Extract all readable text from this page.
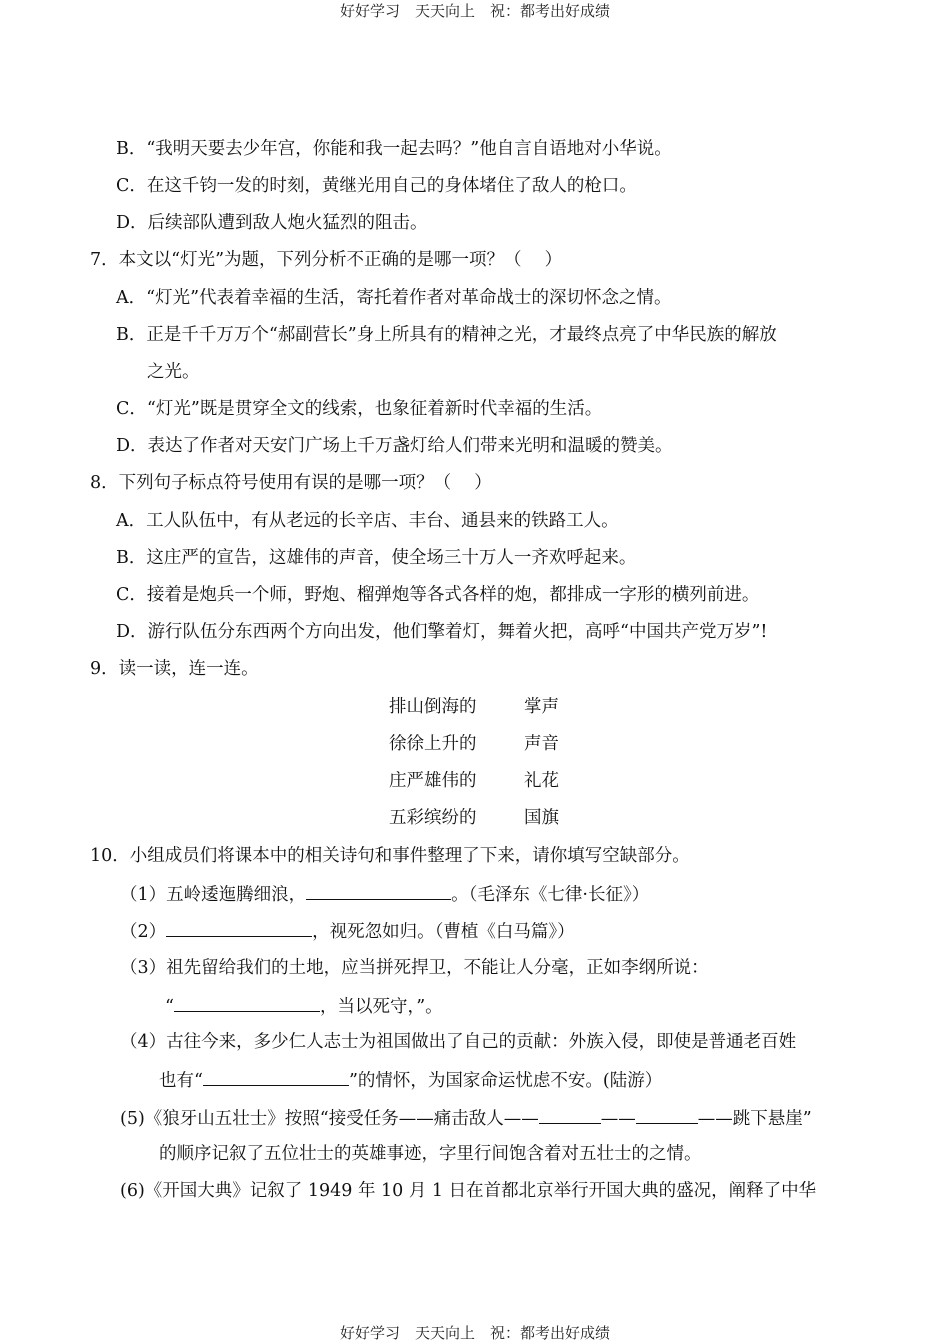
好好学习　天天向上　祝：都考出好成绩
B．“我明天要去少年宫，你能和我一起去吗？”他自言自语地对小华说。
C．在这千钧一发的时刻，黄继光用自己的身体堵住了敌人的枪口。
D．后续部队遭到敌人炮火猛烈的阻击。
7．本文以“灯光”为题，下列分析不正确的是哪一项？（　 ）
A．“灯光”代表着幸福的生活，寄托着作者对革命战士的深切怀念之情。
B．正是千千万万个“郝副营长”身上所具有的精神之光，才最终点亮了中华民族的解放
之光。
C．“灯光”既是贯穿全文的线索，也象征着新时代幸福的生活。
D．表达了作者对天安门广场上千万盏灯给人们带来光明和温暖的赞美。
8．下列句子标点符号使用有误的是哪一项？（　 ）
A．工人队伍中，有从老远的长辛店、丰台、通县来的铁路工人。
B．这庄严的宣告，这雄伟的声音，使全场三十万人一齐欢呼起来。
C．接着是炮兵一个师，野炮、榴弹炮等各式各样的炮，都排成一字形的横列前进。
D．游行队伍分东西两个方向出发，他们擎着灯，舞着火把，高呼“中国共产党万岁”!
9．读一读，连一连。
排山倒海的	掌声
徐徐上升的	声音
庄严雄伟的	礼花
五彩缤纷的	国旗
10．小组成员们将课本中的相关诗句和事件整理了下来，请你填写空缺部分。
（1）五岭逶迤腾细浪，	。（毛泽东《七律·长征》）
（2）	，视死忽如归。（曹植《白马篇》）
（3）祖先留给我们的土地，应当拼死捍卫，不能让人分毫，正如李纲所说：
“	，当以死守，”。
（4）古往今来，多少仁人志士为祖国做出了自己的贡献：外族入侵，即使是普通老百姓
也有“	”的情怀，为国家命运忧虑不安。(陆游）
(5)《狼牙山五壮士》按照“接受任务——痛击敌人——	——	——跳下悬崖”
的顺序记叙了五位壮士的英雄事迹，字里行间饱含着对五壮士的之情。
(6)《开国大典》记叙了 1949 年 10 月 1 日在首都北京举行开国大典的盛况，阐释了中华
好好学习　天天向上　祝：都考出好成绩
